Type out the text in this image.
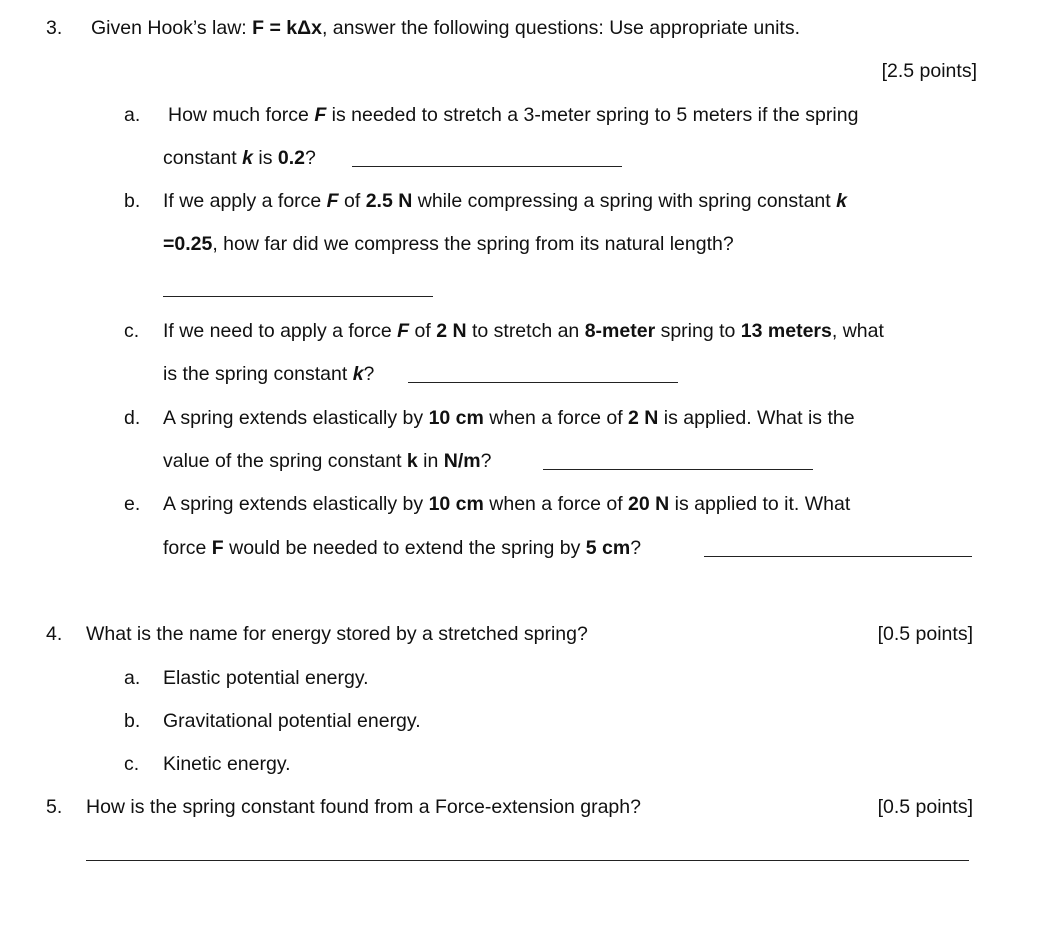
3. Given Hook’s law: F = kΔx, answer the following questions: Use appropriate units.
[2.5 points]
a. How much force F is needed to stretch a 3-meter spring to 5 meters if the spring
constant k is 0.2?
b. If we apply a force F of 2.5 N while compressing a spring with spring constant k
=0.25, how far did we compress the spring from its natural length?
c. If we need to apply a force F of 2 N to stretch an 8-meter spring to 13 meters, what
is the spring constant k?
d. A spring extends elastically by 10 cm when a force of 2 N is applied. What is the
value of the spring constant k in N/m?
e. A spring extends elastically by 10 cm when a force of 20 N is applied to it. What
force F would be needed to extend the spring by 5 cm?
4. What is the name for energy stored by a stretched spring?	[0.5 points]
a. Elastic potential energy.
b. Gravitational potential energy.
c. Kinetic energy.
5. How is the spring constant found from a Force-extension graph?	[0.5 points]
